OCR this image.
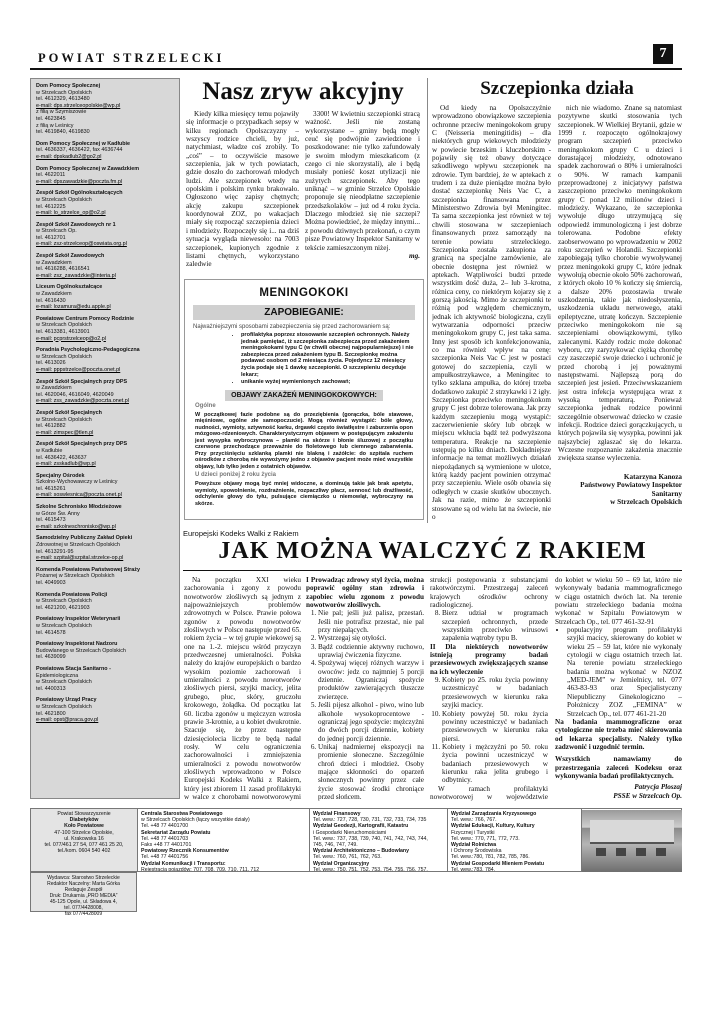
POWIAT STRZELECKI	7
Dom Pomocy Społecznej
w Strzelcach Opolskich
tel. 4612329, 4613480
e-mail: dps.strzelceopolskie@wp.pl
z filią w Szymiszowie
tel. 4623845
z filią w Leśnicy
tel. 4619840, 4619830
Dom Pomocy Społecznej w Kadłubie
tel. 4636337, 4636422, fax 4636744
e-mail: dpskadlub2@go2.pl
Dom Pomocy Społecznej w Zawadzkiem
tel. 4622011
e-mail: dpszawadzkie@poczta.fm.pl
Zespół Szkół Ogólnokształcących
w Strzelcach Opolskich
tel. 4612225
e-mail: lo_strzelce_op@o2.pl
Zespół Szkół Zawodowych nr 1
w Strzelcach Op.
tel. 4612701
e-mail: zsz-strzelceop@oswiata.org.pl
Zespół Szkół Zawodowych
w Zawadzkiem
tel. 4616288, 4616541
e-mail: zsz_zawadzkie@interia.pl
Liceum Ogólnokształcące
w Zawadzkiem
tel. 4616430
e-mail: lozamura@edu.apple.pl
Powiatowe Centrum Pomocy Rodzinie
w Strzelcach Opolskich
tel. 4613381, 4613901
e-mail: pcprstrzelceop@o2.pl
Poradnia Psychologiczno-Pedagogiczna
w Strzelcach Opolskich
tel. 4613026
e-mail: pppstrzelce@poczta.onet.pl
Zespół Szkół Specjalnych przy DPS
w Zawadzkiem
tel. 4620046, 4616049, 4620049
e-mail: zss_zawadzkie@poczta.onet.pl
Zespół Szkół Specjalnych
w Strzelcach Opolskich
tel. 4612882
e-mail: zimspec@tlen.pl
Zespół Szkół Specjalnych przy DPS
w Kadłubie
tel. 4636422, 463637
e-mail: zsskadlub@wp.pl
Specjalny Ośrodek
Szkolno-Wychowawczy w Leśnicy
tel. 4615261
e-mail: soswlesnica@poczta.onet.pl
Szkolne Schronisko Młodzieżowe
w Górze Św. Anny
tel. 4615473
e-mail: szkolneschronisko@wp.pl
Samodzielny Publiczny Zakład Opieki
Zdrowotnej w Strzelcach Opolskich
tel. 4613291-95
e-mail: szpital@szpital.strzelce-op.pl
Komenda Powiatowa Państwowej Straży
Pożarnej w Strzelcach Opolskich
tel. 4049903
Komenda Powiatowa Policji
w Strzelcach Opolskich
tel. 4621200, 4621903
Powiatowy Inspektor Weterynarii
w Strzelcach Opolskich
tel. 4614578
Powiatowy Inspektorat Nadzoru
Budowlanego w Strzelcach Opolskich
tel. 4639099
Powiatowa Stacja Sanitarno -
Epidemiologiczna
w Strzelcach Opolskich
tel. 4400313
Powiatowy Urząd Pracy
w Strzelcach Opolskich
tel. 4621800
e-mail: opst@praca.gov.pl
Nasz zryw akcyjny

Kiedy kilka miesięcy temu pojawiły się informacje o przypadkach sepsy w kilku regionach Opolszczyzny – wszyscy rodzice chcieli, by już, natychmiast, władze coś zrobiły. To „coś” – to oczywiście masowe szczepienia, jak w tych powiatach, gdzie doszło do zachorowań młodych ludzi. Ale szczepionek wtedy na opolskim i polskim rynku brakowało. Ogłoszono więc zapisy chętnych; akcję zakupu szczepionek koordynował ZOZ, po wakacjach miały się rozpocząć szczepienia dzieci i młodzieży. Rozpoczęły się i... na dziś sytuacja wygląda niewesoło: na 7003 szczepionek, kupionych zgodnie z listami chętnych, wykorzystano zaledwie

3300! W kwietniu szczepionki stracą ważność. Jeśli nie zostaną wykorzystane – gminy będą mogły ceuć się podwójnie zawiedzione i poszkodowane: nie tylko zafundowały je swoim młodym mieszkańcom (z czego ci nie skorzystali), ale i będą musiały ponieść koszt utylizacji nie zużytych szczepionek. Aby tego uniknąć – w gminie Strzelce Opolskie proponuje się nieodpłatne szczepienie przedszkolaków – już od 4 roku życia. Dlaczego młodzież się nie szczepi? Można powiedzieć, że między innymi... z powodu dziwnych przekonań, o czym pisze Powiatowy Inspektor Sanitarny w tekście zamieszczonym niżej.

mg.
MENINGOKOKI
ZAPOBIEGANIE:
Najważniejszymi sposobami zabezpieczenia się przed zachorowaniem są:
• profilaktyka poprzez stosowanie szczepień ochronnych. Należy jednak pamiętać, iż szczepionka zabezpiecza przed zakażeniem meningokokami typu C (w chwili obecnej najpopularniejsze) i nie zabezpiecza przed zakażeniem typu B. Szczepionkę można podawać osobom od 2 miesiąca życia. Pojedyncz 12 miesięcy życia podaje się 1 dawkę szczepionki. O szczepieniu decyduje lekarz;
• unikanie wyżej wymienionych zachowań;
OBJAWY ZAKAŻEŃ MENINGOKOKOWYCH:
Ogólne
W początkowej fazie podobne są do przeziębienia (gorączka, bóle stawowe, mięśniowe, ogólne złe samopoczucie). Mogą również wystąpić: bóle głowy, nudności, wymioty, sztywność karku, drgawki często światłęstre i zaburzenia opon mózgowo-rdzeniowych. Charakterystycznym objawem w postępującym zakażeniu jest wysypka wybroczynowa – plamki na skórze i błonie śluzowej z początku czerwone przechodzące przeważnie do fioletowego lub ciemnego zabarwienia. Przy przyciśnięciu szklanką plamki nie blakną i zażółcie: do szpitala ruchem ośrodków z chorobą nie wywożymy jedno z objawów pacjent może mieć wszystkie objawy, lub tylko jeden z ostatnich objawów.
U dzieci poniżej 2 roku życia
Powyższe objawy mogą być mniej widoczne, a dominują takie jak brak apetytu, wymioty, spowolnienie, rozdrażnienie, rozpaczliwy płacz, sennosć lub drażliwość, odchylenie głowy do tyłu, pulsujące ciemiączko u niemowląt, wybroczyny na skórze.
Szczepionka działa

Od kiedy na Opolszczyźnie wprowadzono obowiązkowe szczepienia ochronne przeciw meningokokom grupy C (Neisseria meningitidis) – dla niektórych grup wiekowych młodzieży w powiecie brzeskim i kluczborskim - pojawiły się też obawy dotyczące szkodliwego wpływu szczepionek na zdrowie. Tym bardziej, że w aptekach z trudem i za duże pieniądze można było dostać szczepionkę Neis Vac C, a szczepionka finansowana przez Ministerstwo Zdrowia był Meningitec. Ta sama szczepionka jest również w tej chwili stosowana w szczepieniach finansowanych przez samorządy na terenie powiatu strzeleckiego. Szczepionka została zakupiona za granicą na specjalne zamówienie, ale obecnie dostępna jest również w aptekach. Wątpliwości budzi przede wszystkim dość duża, 2– lub 3–krotna, różnica ceny, co niektórym kojarzy się z gorszą jakością. Mimo że szczepionki te różnią pod względem chemicznym, jednak ich aktywność biologiczna, czyli wytwarzania odporności przeciw meningokokom grupy C, jest taka sama. Inny jest sposób ich konfekcjonowania, co ma również wpływ na cenę: szczepionka Neis Vac C jest w postaci gotowej do szczepienia, czyli w ampułkostrzykawce, a Meningitec to tylko szklana ampułka, do której trzeba dodatkowo zakupić 2 strzykawki i 2 igły. Szczepionka przeciwko meningokokom grupy C jest dobrze tolerowana. Jak przy każdym szczepieniu mogą wystąpić: zaczerwienienie skóry lub obrzęk w miejscu wkłucia bądź też podwyższona temperatura. Reakcje na szczepienie ustępują po kilku dniach. Dokładniejsze informacje na temat możliwych działań niepożądanych są wymienione w ulotce, którą każdy pacjent powinien otrzymać przy szczepieniu. Wiele osób obawia się odległych w czasie skutków ubocznych. Jak na razie, mimo że szczepionki stosowane są od wielu lat na świecie, nie o

nich nie wiadomo. Znane są natomiast pozytywne skutki stosowania tych szczepionek. W Wielkiej Brytanii, gdzie w 1999 r. rozpoczęto ogólnokrajowy program szczepień przeciwko meningokokom grupy C u dzieci i dorastającej młodzieży, odnotowano spadek zachorowań o 80% i umieralności o 90%. W ramach kampanii przeprowadzonej z inicjatywy państwa zaszczepiono przeciwko meningokokom grupy C ponad 12 milionów dzieci i młodzieży. Wykazano, że szczepionka wywołuje długo utrzymującą się odpowiedź immunologiczną i jest dobrze tolerowana. Podobne efekty zaobserwowano po wprowadzeniu w 2002 roku szczepień w Holandii. Szczepionki zapobiegają tylko chorobie wywoływanej przez meningokoki grupy C, które jednak wywołują obecnie około 50% zachorowań, z których około 10 % kończy się śmiercią, a dalsze 20% pozostawia trwałe uszkodzenia, takie jak niedosłyszenia, uszkodzenia układu nerwowego, ataki epileptyczne, utratę kończyn. Szczepienie przeciwko meningokokom nie są szczepieniami obowiązkowymi, tylko zalecanymi. Każdy rodzic może dokonać wyboru, czy zaryzykować ciężką chorobę czy zaszczepić swoje dziecko i uchronić je przed chorobą i jej poważnymi następstwami. Najlepszą porą do szczepień jest jesień. Przeciwwskazaniem jest ostra infekcja występująca wraz z wysoką temperaturą. Ponieważ szczepionka jednak rodzice powinni szczególnie obserwować dziecko w czasie infekcji. Rodzice dzieci gorączkujących, u których pojawiła się wysypka, powinni jak najszybciej zgłaszać się do lekarza. Wczesne rozpoznanie zakażenia znacznie zwiększa szanse wyleczenia.

Katarzyna Kanoza
Państwowy Powiatowy Inspektor
Sanitarny
w Strzelcach Opolskich
Europejski Kodeks Walki z Rakiem
JAK MOŻNA WALCZYĆ Z RAKIEM

Na początku XXI wieku zachorowania i zgony z powodu nowotworów złośliwych są jednym z najpoważniejszych problemów zdrowotnych w Polsce. Prawie połowa zgonów z powodu nowotworów złośliwych w Polsce następuje przed 65. rokiem życia – w tej grupie wiekowej są one na 1.-2. miejscu wśród przyczyn przedwczesnej umieralności. Polska należy do krajów europejskich o bardzo wysokim poziomie zachorowań i umieralności z powodu nowotworów złośliwych piersi, szyjki macicy, jelita grubego, płuc, skóry, gruczołu krokowego, żołądka. Od początku lat 60. liczba zgonów u mężczyzn wzrosła prawie 3-krotnie, a u kobiet dwukrotnie. Szacuje się, że przez następne dziesięciolecia liczby te będą nadal rosły. W celu ograniczenia zachorowalności i zmniejszenia umieralności z powodu nowotworów złośliwych wprowadzono w Polsce Europejski Kodeks Walki z Rakiem, który jest zbiorem 11 zasad profilaktyki w walce z chorobami nowotworowymi

I Prowadząc zdrowy styl życia, można poprawić ogólny stan zdrowia i zapobiec wielu zgonom z powodu nowotworów złośliwych.
1. Nie pal; jeśli już palisz, przestań. Jeśli nie potrafisz przestać, nie pal przy niepalących.
2. Wystrzegaj się otyłości.
3. Bądź codziennie aktywny ruchowo, uprawiaj ćwiczenia fizyczne.
4. Spożywaj więcej różnych warzyw i owoców: jedz co najmniej 5 porcji dziennie. Ograniczaj spożycie produktów zawierających tłuszcze zwierzęce.
5. Jeśli pijesz alkohol - piwo, wino lub alkohole wysokoprocentowe - ograniczaj jego spożycie: mężczyźni do dwóch porcji dziennie, kobiety do jednej porcji dziennie.
6. Unikaj nadmiernej ekspozycji na promienie słoneczne. Szczególnie chroń dzieci i młodzież. Osoby mające skłonności do oparzeń słonecznych powinny przez całe życie stosować środki chroniące przed słońcem.
strukcji postępowania z substancjami rakotwórczymi. Przestrzegaj zaleceń krajowych ośrodków ochrony radiologicznej.
8. Bierz udział w programach szczepień ochronnych, przede wszystkim przeciwko wirusowi zapalenia wątroby typu B.
II Dla niektórych nowotworów istnieją programy badań przesiewowych zwiększających szanse na ich wyleczenie
9. Kobiety po 25. roku życia powinny uczestniczyć w badaniach przesiewowych w kierunku raka szyjki macicy.
10. Kobiety powyżej 50. roku życia powinny uczestniczyć w badaniach przesiewowych w kierunku raka piersi.
11. Kobiety i mężczyźni po 50. roku życia powinni uczestniczyć w badaniach przesiewowych w kierunku raka jelita grubego i odbytnicy.

W ramach profilaktyki nowotworowej w województwie

do kobiet w wieku 50 – 69 lat, które nie wykonywały badania mammograficznego w ciągu ostatnich dwóch lat. Na terenie powiatu strzeleckiego badania można wykonać w Szpitalu Powiatowym w Strzelcach Op., tel. 077 461-32-91
• populacyjny program profilaktyki szyjki macicy, skierowany do kobiet w wieku 25 – 59 lat, które nie wykonały cytologii w ciągu ostatnich trzech lat. Na terenie powiatu strzeleckiego badania można wykonać w NZOZ „MED-JEM” w Jemielnicy, tel. 077 463-83-93 oraz Specjalistyczny Niepubliczny Ginekologiczno – Położniczy ZOZ „FEMINA” w Strzelcach Op., tel. 077 461-21-20
Na badania mammograficzne oraz cytologiczne nie trzeba mieć skierowania od lekarza specjalisty. Należy tylko zadzwonić i uzgodnić termin.
Wszystkich namawiamy do przestrzegania zaleceń Kodeksu oraz wykonywania badań profilaktycznych.
Patrycja Ploszaj
PSSE w Strzelcach Op.
Powiat Stowarzyszenie
Diabetyków
Koło Powiatowe
47-100 Strzelce Opolskie,
ul. Krakowska 16
tel. 077/461 27 54, 077 461 25 20,
tel./kom. 0604 540 402
Centrala Starostwa Powiatowego
w Strzelcach Opolskich (łączy wszystkie działy)
Tel. +48 77 4401700
Sekretariat Zarządu Powiatu
Tel. +48 77 4401703
Faks +48 77 4401701
Powiatowy Rzecznik Konsumentów
Tel. +48 77 4401756
Wydział Komunikacji i Transportu:
Rejestracja pojazdów: 707, 708, 709, 710, 711, 712
Wydział Finansowy
Tel. wew.: 727, 728, 730, 731, 732, 733, 734, 735
Wydział Geodezji, Kartografii, Katastru
i Gospodarki Nieruchomościami
Tel. wew.: 737, 738, 739, 740, 741, 742, 743, 744,
745, 746, 747, 749.
Wydział Architektoniczno – Budowlany
Tel. wew.: 760, 761, 762, 763.
Wydział Organizacyjny
Tel. wew.: 750, 751, 752, 753, 754, 755, 756, 757,
Wydział Zarządzania Kryzysowego
Tel. wew.: 766, 767.
Wydział Edukacji, Kultury, Kultury
Fizycznej i Turystki
Tel. wew.: 770, 771, 772, 773.
Wydział Rolnictwa
i Ochrony Środowiska
Tel. wew.:780, 781, 782, 785, 786.
Wydział Gospodarki Mieniem Powiatu
Tel. wew.:783, 784.
Wydawca: Starostwo Strzeleckie
Redaktor Naczelny: Marta Górka
Redaguje Zespół
Druk: Drukarnia „PRO MEDIA”
45-125 Opole, ul. Składowa 4,
tel. 077/4428008,
fax 077/4428009
